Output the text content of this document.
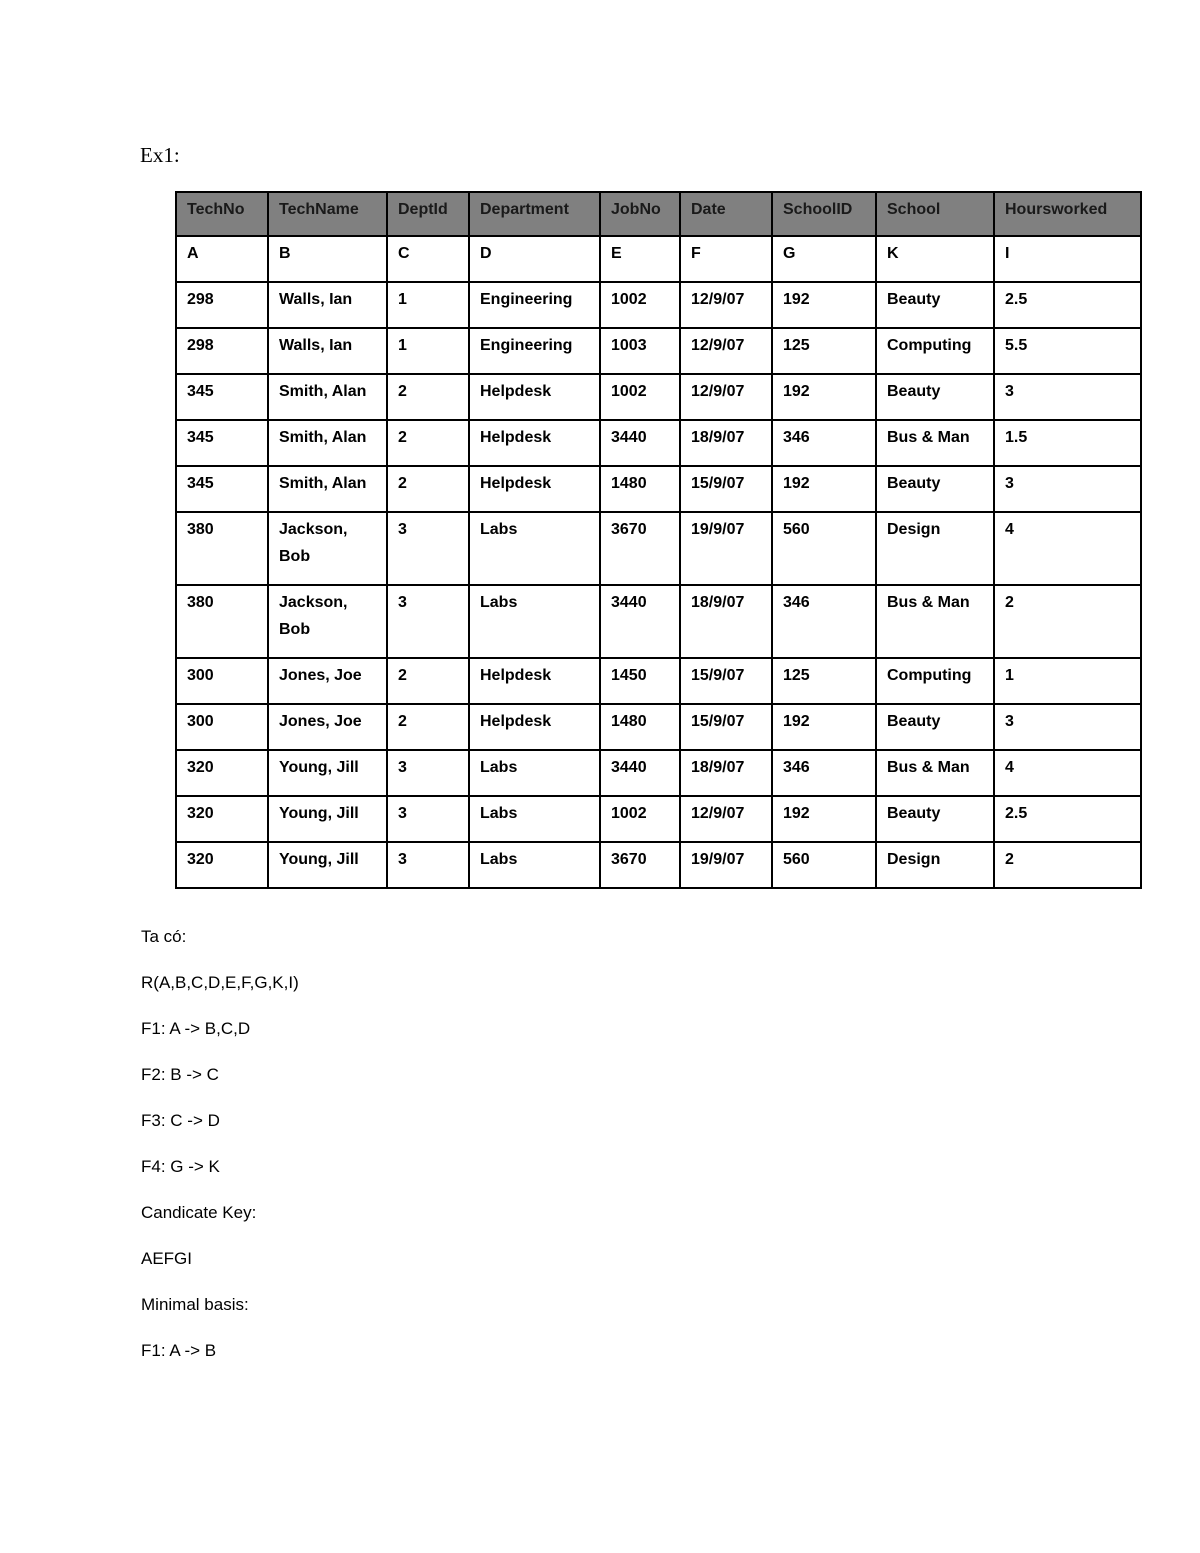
Ex1:
TechNo	TechName	DeptId	Department	JobNo	Date	SchoolID	School	Hoursworked
A	B	C	D	E	F	G	K	I
298	Walls, Ian	1	Engineering	1002	12/9/07	192	Beauty	2.5
298	Walls, Ian	1	Engineering	1003	12/9/07	125	Computing	5.5
345	Smith, Alan	2	Helpdesk	1002	12/9/07	192	Beauty	3
345	Smith, Alan	2	Helpdesk	3440	18/9/07	346	Bus & Man	1.5
345	Smith, Alan	2	Helpdesk	1480	15/9/07	192	Beauty	3
380	Jackson, Bob	3	Labs	3670	19/9/07	560	Design	4
380	Jackson, Bob	3	Labs	3440	18/9/07	346	Bus & Man	2
300	Jones, Joe	2	Helpdesk	1450	15/9/07	125	Computing	1
300	Jones, Joe	2	Helpdesk	1480	15/9/07	192	Beauty	3
320	Young, Jill	3	Labs	3440	18/9/07	346	Bus & Man	4
320	Young, Jill	3	Labs	1002	12/9/07	192	Beauty	2.5
320	Young, Jill	3	Labs	3670	19/9/07	560	Design	2

Ta có:

R(A,B,C,D,E,F,G,K,I)

F1: A -> B,C,D

F2: B -> C

F3: C -> D

F4: G -> K

Candicate Key:

AEFGI

Minimal basis:

F1: A -> B
